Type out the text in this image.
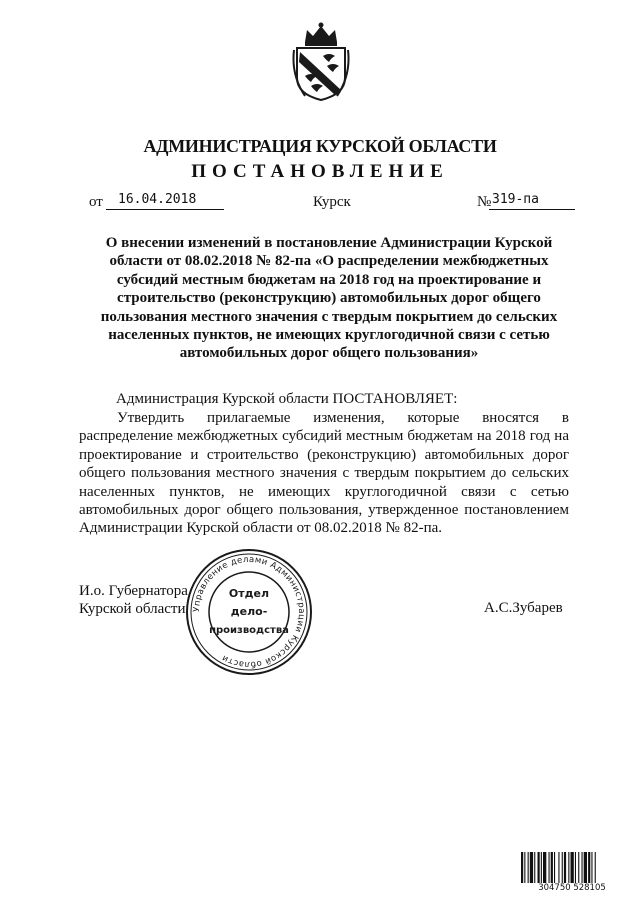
АДМИНИСТРАЦИЯ КУРСКОЙ ОБЛАСТИ
ПОСТАНОВЛЕНИЕ
от 16.04.2018	Курск	№ 319-па
О внесении изменений в постановление Администрации Курской области от 08.02.2018 № 82-па «О распределении межбюджетных субсидий местным бюджетам на 2018 год на проектирование и строительство (реконструкцию) автомобильных дорог общего пользования местного значения с твердым покрытием до сельских населенных пунктов, не имеющих круглогодичной связи с сетью автомобильных дорог общего пользования»
Администрация Курской области ПОСТАНОВЛЯЕТ:
Утвердить прилагаемые изменения, которые вносятся в распределение межбюджетных субсидий местным бюджетам на 2018 год на проектирование и строительство (реконструкцию) автомобильных дорог общего пользования местного значения с твердым покрытием до сельских населенных пунктов, не имеющих круглогодичной связи с сетью автомобильных дорог общего пользования, утвержденное постановлением Администрации Курской области от 08.02.2018 № 82-па.
И.о. Губернатора
Курской области	А.С.Зубарев
Управление делами Администрации Курской области
Отдел
дело-
производства
304750 528105
